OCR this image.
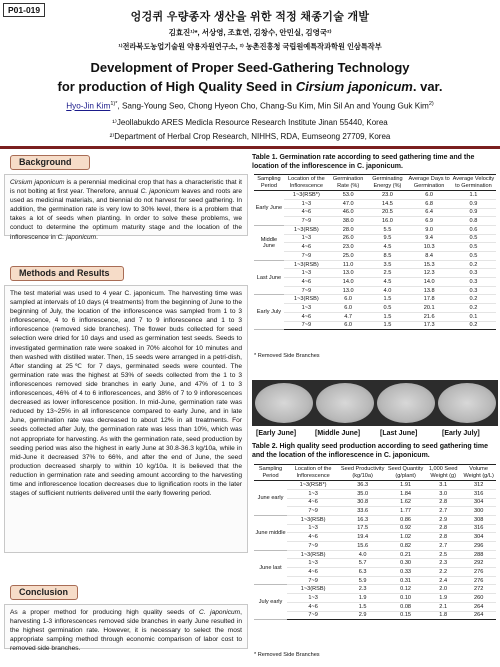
엉겅퀴 우량종자 생산을 위한 적정 채종기술 개발
김효진¹⁾*, 서상영, 조효연, 김창수, 안민실, 김영국²⁾
¹⁾전라북도농업기술원 약용자원연구소, ²⁾ 농촌진흥청 국립원예특작과학원 인삼특작부
Development of Proper Seed-Gathering Technology
for production of High Quality Seed in Cirsium japonicum. var.
Hyo-Jin Kim$^{1)*}$, Sang-Young Seo, Chong Hyeon Cho, Chang-Su Kim, Min Sil An and Young Guk Kim$^{2)}$
¹⁾Jeollabukdo ARES Medicla Resource Research Institute Jinan 55440, Korea
²⁾Department of Herbal Crop Research, NIHHS, RDA, Eumseong 27709, Korea
P01-019
Background
Cirsium japonicum is a perennial medicinal crop that has a characteristic that it is not bolting at first year. Therefore, annual C. japonicum leaves and roots are used as medicinal materials, and biennial do not harvest for seed gathering. In addition, the germination rate is very low to 30% level, there is a problem that takes a lot of seeds when planting. In order to solve these problems, we conduct to determine the optimum maturity stage and the location of the inflorescence in C. japonicum.
Methods and Results
The test material was used to 4 year C. japonicum. The harvesting time was sampled at intervals of 10 days (4 treatments) from the beginning of June to the beginning of July, the location of the inflorescence was sampled from 1 to 3 inflorescence, 4 to 6 inflorescence, and 7 to 9 inflorescence and 1 to 3 inflorescence (removed side branches). The flower buds collected for seed selection were dried for 10 days and used as germination test seeds. Seeds to investigated germination rate were soaked in 70% alcohol for 10 minutes and then washed with distilled water. Then, 15 seeds were arranged in a petri-dish, After standing at 25℃ for 7 days, germinated seeds were counted. The germination rate was the highest at 53% of seeds collected from the 1 to 3 inflorescences removed side branches in early June, and 47% of 1 to 3 inflorescences, 46% of 4 to 6 inflorescences, and 38% of 7 to 9 inflorescences decreased as lower inflorescence position. In mid-June, germination rate was reduced by 13~25% in all inflorescence compared to early June, and in late June, germination rate was decreased to about 12% in all treatments. For seeds collected after July, the germination rate was less than 10%, which was not appropriate for harvesting. As with the germination rate, seed production by seeding period was also the highest in early June at 30.8-36.3 kg/10a, while in mid-June it decreased 37% to 66%, and after the end of June, the seed production decreased sharply to within 10 kg/10a. It is believed that the reduction in germination rate and seeding amount according to the harvesting time and inflorescence location decreases due to lignification roots in the later stages of sufficient nutrients delivered until the early flowering period.
Conclusion
As a proper method for producing high quality seeds of C. japonicum, harvesting 1-3 inflorescences removed side branches in early June resulted in the highest germination rate. However, it is necessary to select the most appropriate sampling method through economic comparison of labor cost to removed side branches.
Table 1. Germination rate according to seed gathering time and the location of the inflorescence in C. japonicum.
Sampling Period	Location of the Inflorescence	Germination Rate (%)	Germinating Energy (%)	Average Days to Germination	Average Velocity to Germination
Early June	1~3(RSB*)	53.0	23.0	6.0	1.1
	1~3	47.0	14.5	6.8	0.9
	4~6	46.0	20.5	6.4	0.9
	7~9	38.0	16.0	6.9	0.8
Middle June	1~3(RSB)	28.0	5.5	9.0	0.6
	1~3	26.0	9.5	9.4	0.5
	4~6	23.0	4.5	10.3	0.5
	7~9	25.0	8.5	8.4	0.5
Last June	1~3(RSB)	11.0	3.5	15.3	0.2
	1~3	13.0	2.5	12.3	0.3
	4~6	14.0	4.5	14.0	0.3
	7~9	13.0	4.0	13.8	0.3
Early July	1~3(RSB)	6.0	1.5	17.8	0.2
	1~3	6.0	0.5	20.1	0.2
	4~6	4.7	1.5	21.6	0.1
	7~9	6.0	1.5	17.3	0.2
* Removed Side Branches
[Early June]	[Middle June]	[Last June]	[Early July]
Table 2. High quality seed production according to seed gathering time and the location of the inflorescence in C. japonicum.
Sampling Period	Location of the Inflorescence	Seed Productivity (kg/10a)	Seed Quantity (g/plant)	1,000 Seed Weight (g)	Volume Weight (g/L)
June early	1~3(RSB*)	36.3	1.91	3.1	312
	1~3	35.0	1.84	3.0	316
	4~6	30.8	1.62	2.8	304
	7~9	33.6	1.77	2.7	300
June middle	1~3(RSB)	16.3	0.86	2.9	308
	1~3	17.5	0.92	2.8	316
	4~6	19.4	1.02	2.8	304
	7~9	15.6	0.82	2.7	296
June last	1~3(RSB)	4.0	0.21	2.5	288
	1~3	5.7	0.30	2.3	292
	4~6	6.3	0.33	2.2	276
	7~9	5.9	0.31	2.4	276
July early	1~3(RSB)	2.3	0.12	2.0	272
	1~3	1.9	0.10	1.9	260
	4~6	1.5	0.08	2.1	264
	7~9	2.9	0.15	1.8	264
* Removed Side Branches
